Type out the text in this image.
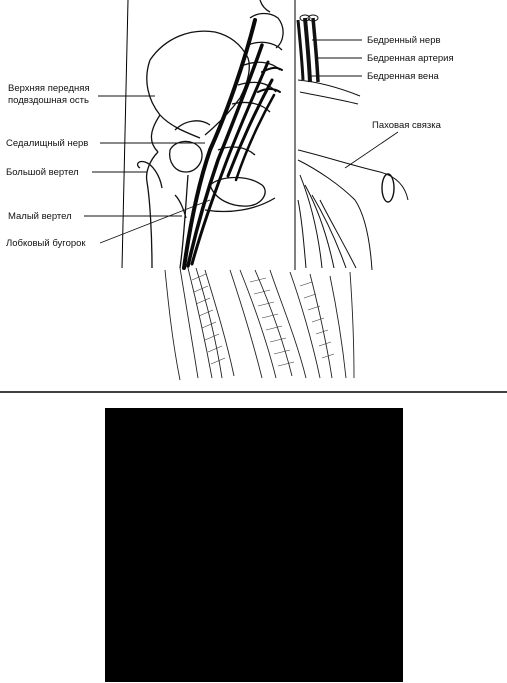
Верхняя передняя
подвздошная ость
Седалищный нерв
Большой вертел
Малый вертел
Лобковый бугорок
Бедренный нерв
Бедренная артерия
Бедренная вена
Паховая связка
